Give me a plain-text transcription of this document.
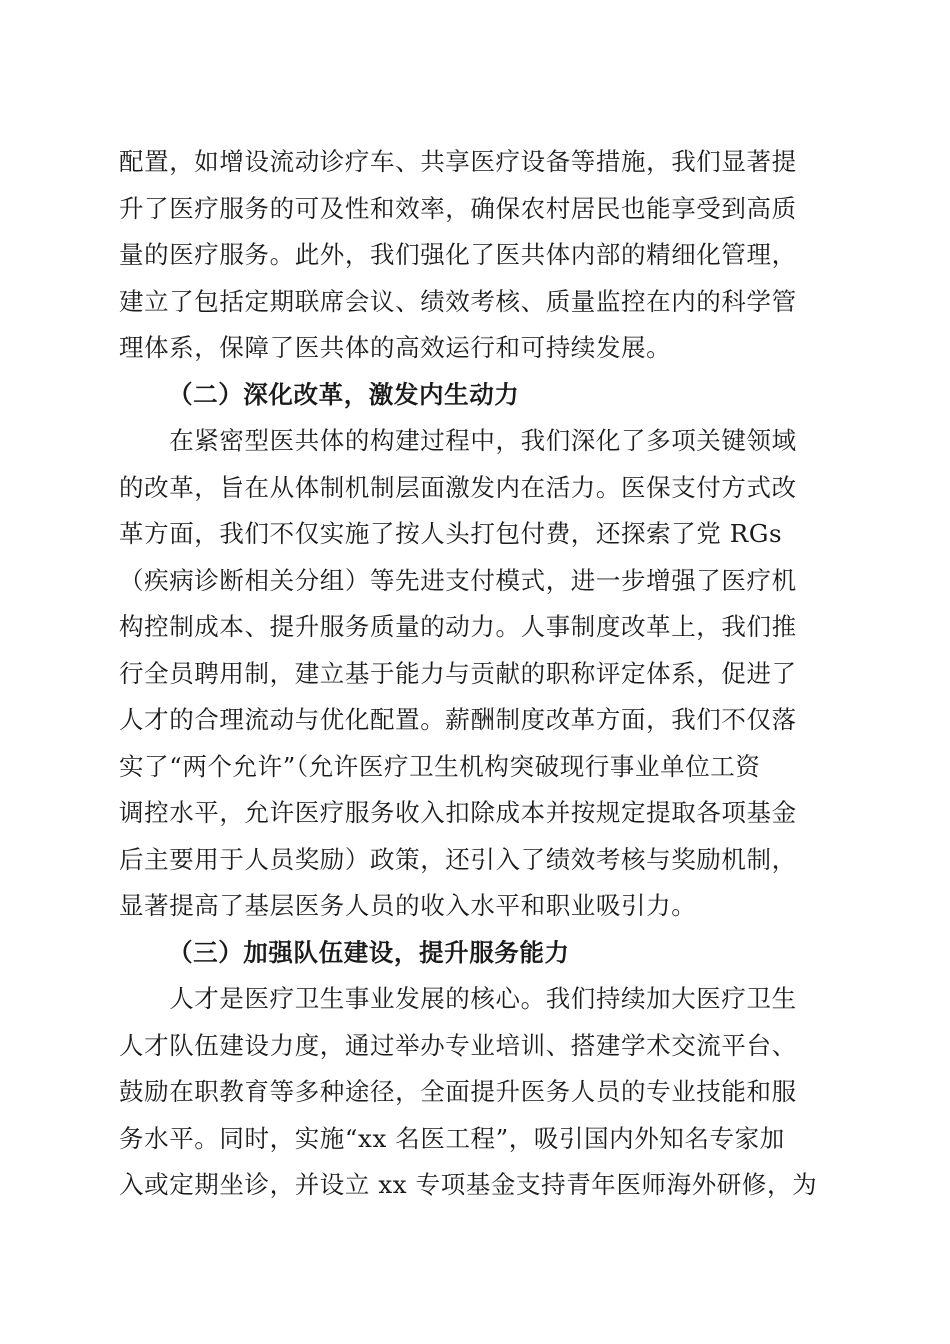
配置，如增设流动诊疗车、共享医疗设备等措施，我们显著提
升了医疗服务的可及性和效率，确保农村居民也能享受到高质
量的医疗服务。此外，我们强化了医共体内部的精细化管理，
建立了包括定期联席会议、绩效考核、质量监控在内的科学管
理体系，保障了医共体的高效运行和可持续发展。
（二）深化改革，激发内生动力
　　在紧密型医共体的构建过程中，我们深化了多项关键领域
的改革，旨在从体制机制层面激发内在活力。医保支付方式改
革方面，我们不仅实施了按人头打包付费，还探索了党 RGs
（疾病诊断相关分组）等先进支付模式，进一步增强了医疗机
构控制成本、提升服务质量的动力。人事制度改革上，我们推
行全员聘用制，建立基于能力与贡献的职称评定体系，促进了
人才的合理流动与优化配置。薪酬制度改革方面，我们不仅落
实了“两个允许”（允许医疗卫生机构突破现行事业单位工资
调控水平，允许医疗服务收入扣除成本并按规定提取各项基金
后主要用于人员奖励）政策，还引入了绩效考核与奖励机制，
显著提高了基层医务人员的收入水平和职业吸引力。
（三）加强队伍建设，提升服务能力
　　人才是医疗卫生事业发展的核心。我们持续加大医疗卫生
人才队伍建设力度，通过举办专业培训、搭建学术交流平台、
鼓励在职教育等多种途径，全面提升医务人员的专业技能和服
务水平。同时，实施“xx 名医工程”，吸引国内外知名专家加
入或定期坐诊，并设立 xx 专项基金支持青年医师海外研修，为
